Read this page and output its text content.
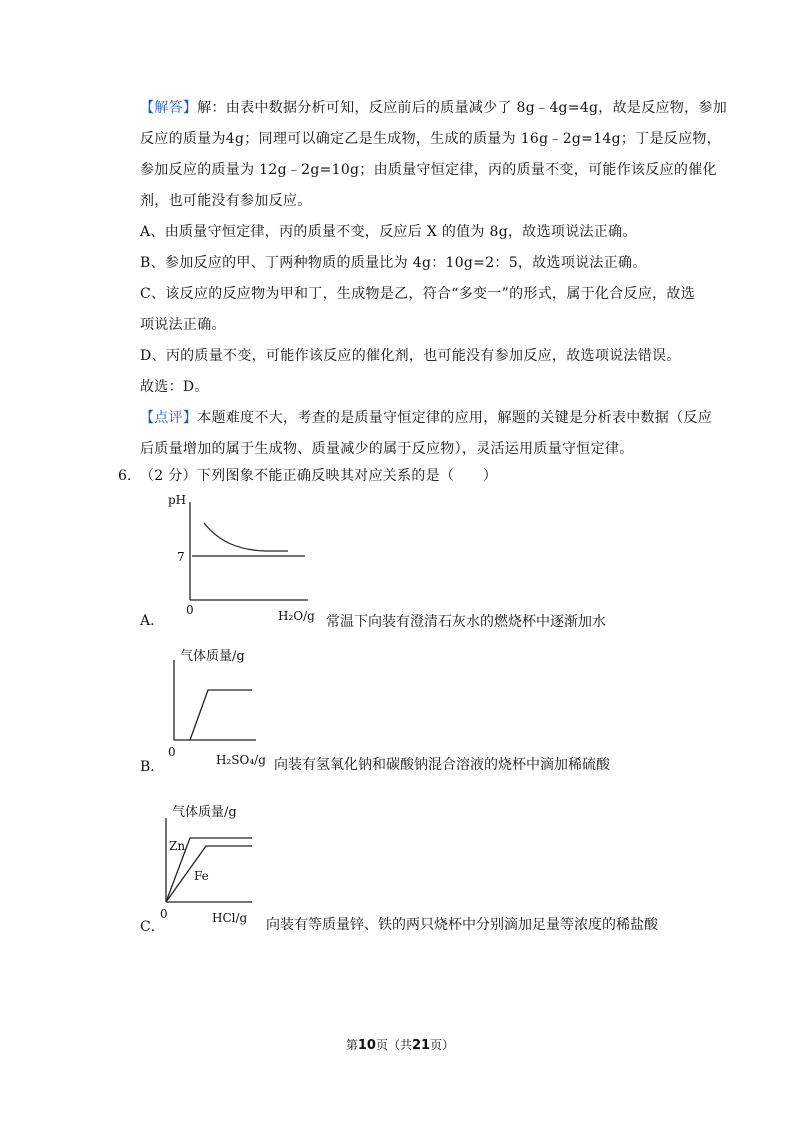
【解答】解：由表中数据分析可知，反应前后的质量减少了 8g﹣4g=4g，故是反应物，参加
反应的质量为4g；同理可以确定乙是生成物，生成的质量为 16g﹣2g=14g；丁是反应物，
参加反应的质量为 12g﹣2g=10g；由质量守恒定律，丙的质量不变，可能作该反应的催化
剂，也可能没有参加反应。
A、由质量守恒定律，丙的质量不变，反应后 X 的值为 8g，故选项说法正确。
B、参加反应的甲、丁两种物质的质量比为 4g：10g=2：5，故选项说法正确。
C、该反应的反应物为甲和丁，生成物是乙，符合“多变一”的形式，属于化合反应，故选
项说法正确。
D、丙的质量不变，可能作该反应的催化剂，也可能没有参加反应，故选项说法错误。
故选：D。
【点评】本题难度不大，考查的是质量守恒定律的应用，解题的关键是分析表中数据（反应
后质量增加的属于生成物、质量减少的属于反应物），灵活运用质量守恒定律。
6. （2 分）下列图象不能正确反映其对应关系的是（　　）
A．
pH
7
0	H₂O/g 常温下向装有澄清石灰水的燃烧杯中逐渐加水
B．
气体质量/g
0
H₂SO₄/g 向装有氢氧化钠和碳酸钠混合溶液的烧杯中滴加稀硫酸
C．
气体质量/g
Zn
Fe
0	HCl/g 向装有等质量锌、铁的两只烧杯中分别滴加足量等浓度的稀盐酸
第10页（共21页）
